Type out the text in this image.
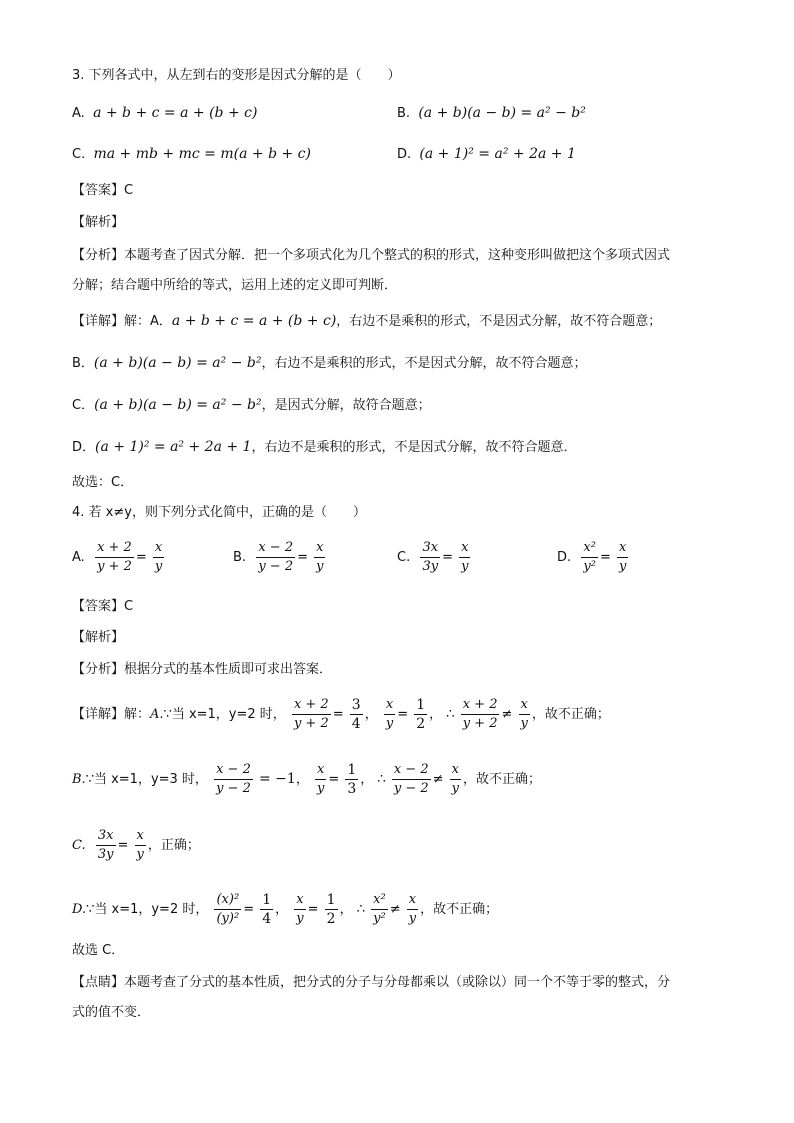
3. 下列各式中，从左到右的变形是因式分解的是（　　）
A. a + b + c = a + (b + c)	B. (a + b)(a − b) = a² − b²
C. ma + mb + mc = m(a + b + c)	D. (a + 1)² = a² + 2a + 1
【答案】C
【解析】
【分析】本题考查了因式分解．把一个多项式化为几个整式的积的形式，这种变形叫做把这个多项式因式
分解；结合题中所给的等式，运用上述的定义即可判断．
【详解】解：A．a + b + c = a + (b + c)，右边不是乘积的形式，不是因式分解，故不符合题意；
B．(a + b)(a − b) = a² − b²，右边不是乘积的形式，不是因式分解，故不符合题意；
C．(a + b)(a − b) = a² − b²，是因式分解，故符合题意；
D．(a + 1)² = a² + 2a + 1，右边不是乘积的形式，不是因式分解，故不符合题意．
故选：C．
4. 若 x≠y，则下列分式化简中，正确的是（　　）
A. $\frac{x + 2}{y + 2} = \frac{x}{y}$	B. $\frac{x - 2}{y - 2} = \frac{x}{y}$	C. $\frac{3x}{3y} = \frac{x}{y}$	D. $\frac{\text{x²}}{\text{y²}} = \frac{x}{y}$
【答案】C
【解析】
【分析】根据分式的基本性质即可求出答案．
【详解】解：A.∵当 x=1，y=2 时， $\frac{x + 2}{y + 2} = \frac{3}{4}$ ， $\frac{x}{y} = \frac{1}{2}$ ， ∴ $\frac{x + 2}{y + 2} \ne \frac{x}{y}$ ，故不正确；
B.∵当 x=1，y=3 时， $\frac{x - 2}{y - 2} = -1$， $\frac{x}{y} = \frac{1}{3}$ ， ∴ $\frac{x - 2}{y - 2} \ne \frac{x}{y}$ ，故不正确；
C. $\frac{3x}{3y} = \frac{x}{y}$ ，正确；
D.∵当 x=1，y=2 时， $\frac{\text{(x)²}}{\text{(y)²}} = \frac{1}{4}$ ， $\frac{x}{y} = \frac{1}{2}$ ， ∴ $\frac{\text{x²}}{\text{y²}} \ne \frac{x}{y}$ ，故不正确；
故选 C．
【点睛】本题考查了分式的基本性质，把分式的分子与分母都乘以（或除以）同一个不等于零的整式，分
式的值不变．
